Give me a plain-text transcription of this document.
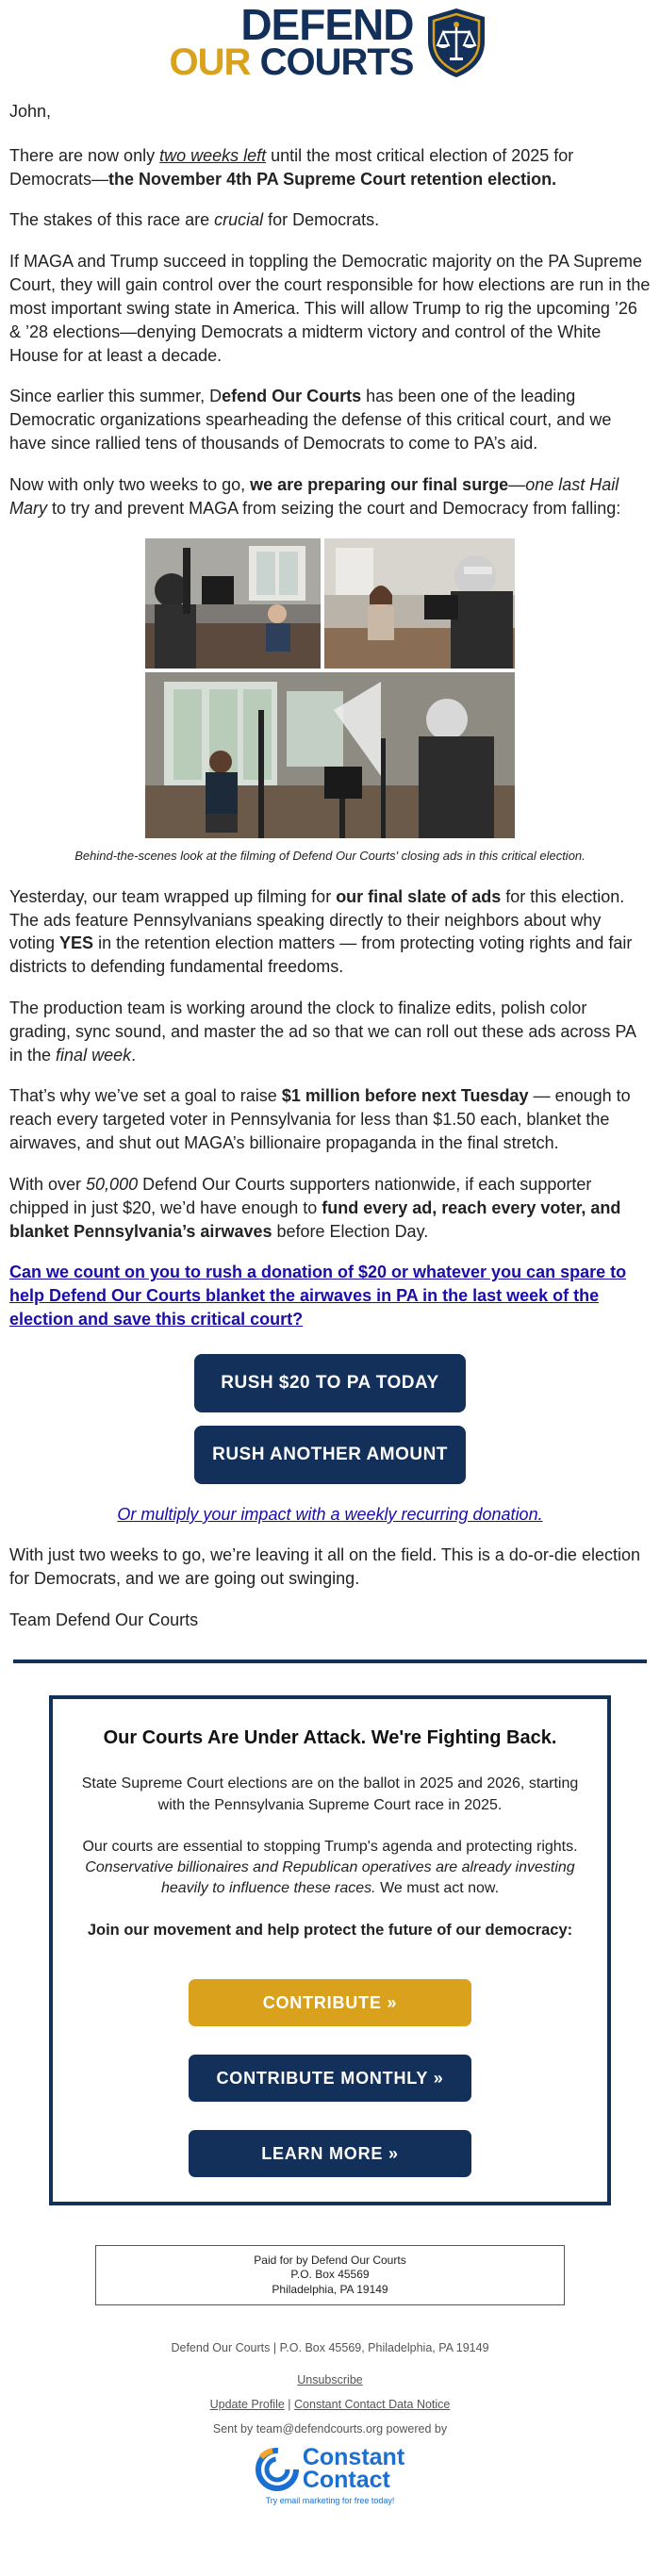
DEFEND
OUR COURTS

John,

There are now only two weeks left until the most critical election of 2025 for Democrats—the November 4th PA Supreme Court retention election.

The stakes of this race are crucial for Democrats.

If MAGA and Trump succeed in toppling the Democratic majority on the PA Supreme Court, they will gain control over the court responsible for how elections are run in the most important swing state in America. This will allow Trump to rig the upcoming ’26 & ’28 elections—denying Democrats a midterm victory and control of the White House for at least a decade.

Since earlier this summer, Defend Our Courts has been one of the leading Democratic organizations spearheading the defense of this critical court, and we have since rallied tens of thousands of Democrats to come to PA’s aid.

Now with only two weeks to go, we are preparing our final surge—one last Hail Mary to try and prevent MAGA from seizing the court and Democracy from falling:

Behind-the-scenes look at the filming of Defend Our Courts' closing ads in this critical election.

Yesterday, our team wrapped up filming for our final slate of ads for this election. The ads feature Pennsylvanians speaking directly to their neighbors about why voting YES in the retention election matters — from protecting voting rights and fair districts to defending fundamental freedoms.

The production team is working around the clock to finalize edits, polish color grading, sync sound, and master the ad so that we can roll out these ads across PA in the final week.

That’s why we’ve set a goal to raise $1 million before next Tuesday — enough to reach every targeted voter in Pennsylvania for less than $1.50 each, blanket the airwaves, and shut out MAGA’s billionaire propaganda in the final stretch.

With over 50,000 Defend Our Courts supporters nationwide, if each supporter chipped in just $20, we’d have enough to fund every ad, reach every voter, and blanket Pennsylvania’s airwaves before Election Day.

Can we count on you to rush a donation of $20 or whatever you can spare to help Defend Our Courts blanket the airwaves in PA in the last week of the election and save this critical court?
RUSH $20 TO PA TODAY
RUSH ANOTHER AMOUNT
Or multiply your impact with a weekly recurring donation.

With just two weeks to go, we’re leaving it all on the field. This is a do-or-die election for Democrats, and we are going out swinging.

Team Defend Our Courts

Our Courts Are Under Attack. We're Fighting Back.

State Supreme Court elections are on the ballot in 2025 and 2026, starting with the Pennsylvania Supreme Court race in 2025.

Our courts are essential to stopping Trump's agenda and protecting rights. Conservative billionaires and Republican operatives are already investing heavily to influence these races. We must act now.

Join our movement and help protect the future of our democracy:

CONTRIBUTE »
CONTRIBUTE MONTHLY »
LEARN MORE »
Paid for by Defend Our Courts
P.O. Box 45569
Philadelphia, PA 19149
Defend Our Courts | P.O. Box 45569, Philadelphia, PA 19149
Unsubscribe
Update Profile | Constant Contact Data Notice
Sent by team@defendcourts.org powered by
Constant
Contact
Try email marketing for free today!
